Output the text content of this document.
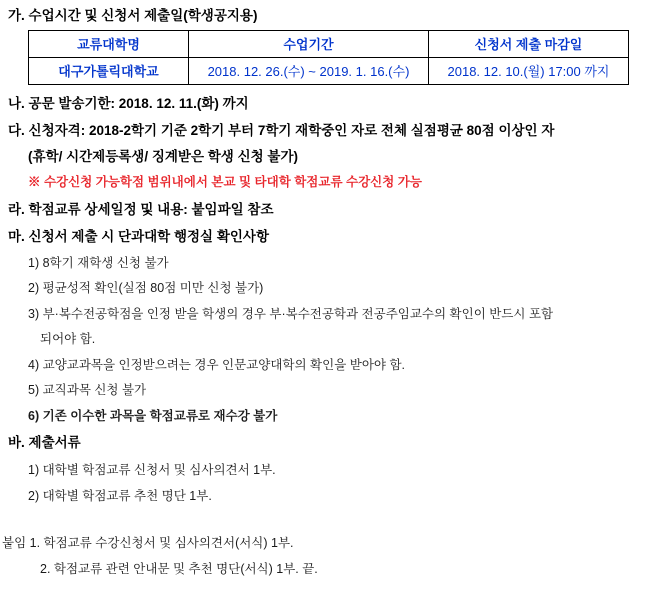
가. 수업시간 및 신청서 제출일(학생공지용)
교류대학명	수업기간	신청서 제출 마감일
대구가톨릭대학교	2018. 12. 26.(수) ~ 2019. 1. 16.(수)	2018. 12. 10.(월) 17:00 까지
나. 공문 발송기한: 2018. 12. 11.(화) 까지
다. 신청자격: 2018-2학기 기준 2학기 부터 7학기 재학중인 자로 전체 실점평균 80점 이상인 자
(휴학/ 시간제등록생/ 징계받은 학생 신청 불가)
※ 수강신청 가능학점 범위내에서 본교 및 타대학 학점교류 수강신청 가능
라. 학점교류 상세일정 및 내용: 붙임파일 참조
마. 신청서 제출 시 단과대학 행정실 확인사항
1) 8학기 재학생 신청 불가
2) 평균성적 확인(실점 80점 미만 신청 불가)
3) 부·복수전공학점을 인정 받을 학생의 경우 부·복수전공학과 전공주임교수의 확인이 반드시 포함
되어야 함.
4) 교양교과목을 인정받으려는 경우 인문교양대학의 확인을 받아야 함.
5) 교직과목 신청 불가
6) 기존 이수한 과목을 학점교류로 재수강 불가
바. 제출서류
1) 대학별 학점교류 신청서 및 심사의견서 1부.
2) 대학별 학점교류 추천 명단 1부.
붙임 1. 학점교류 수강신청서 및 심사의견서(서식) 1부.
2. 학점교류 관련 안내문 및 추천 명단(서식) 1부. 끝.
